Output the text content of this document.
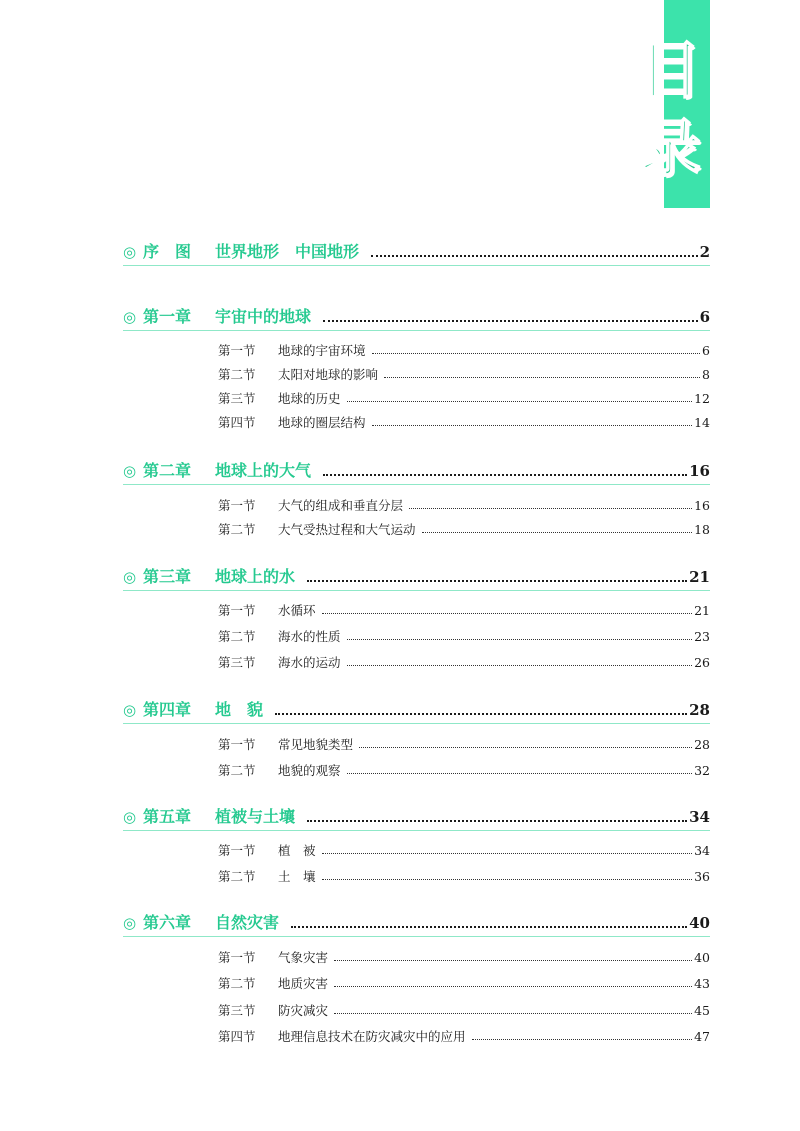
目
录
◎ 序　图 世界地形　中国地形	2
◎ 第一章 宇宙中的地球	6
第一节	地球的宇宙环境	6
第二节	太阳对地球的影响	8
第三节	地球的历史	12
第四节	地球的圈层结构	14
◎ 第二章 地球上的大气	16
第一节	大气的组成和垂直分层	16
第二节	大气受热过程和大气运动	18
◎ 第三章 地球上的水	21
第一节	水循环	21
第二节	海水的性质	23
第三节	海水的运动	26
◎ 第四章 地　貌	28
第一节	常见地貌类型	28
第二节	地貌的观察	32
◎ 第五章 植被与土壤	34
第一节	植　被	34
第二节	土　壤	36
◎ 第六章 自然灾害	40
第一节	气象灾害	40
第二节	地质灾害	43
第三节	防灾减灾	45
第四节	地理信息技术在防灾减灾中的应用	47
